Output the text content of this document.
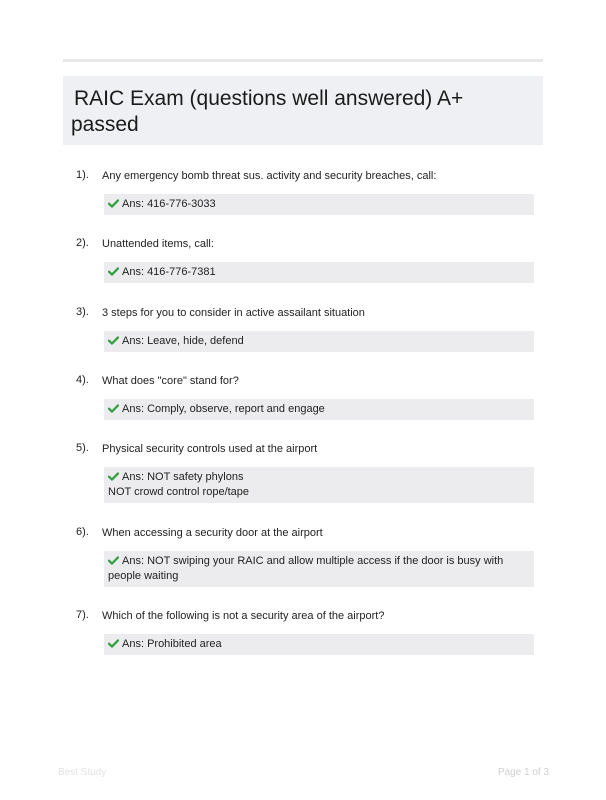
RAIC Exam (questions well answered) A+
passed
1). Any emergency bomb threat sus. activity and security breaches, call:
Ans: 416-776-3033
2). Unattended items, call:
Ans: 416-776-7381
3). 3 steps for you to consider in active assailant situation
Ans: Leave, hide, defend
4). What does "core" stand for?
Ans: Comply, observe, report and engage
5). Physical security controls used at the airport
Ans: NOT safety phylons
NOT crowd control rope/tape
6). When accessing a security door at the airport
Ans: NOT swiping your RAIC and allow multiple access if the door is busy with people waiting
7). Which of the following is not a security area of the airport?
Ans: Prohibited area
Best Study	Page 1 of 3
